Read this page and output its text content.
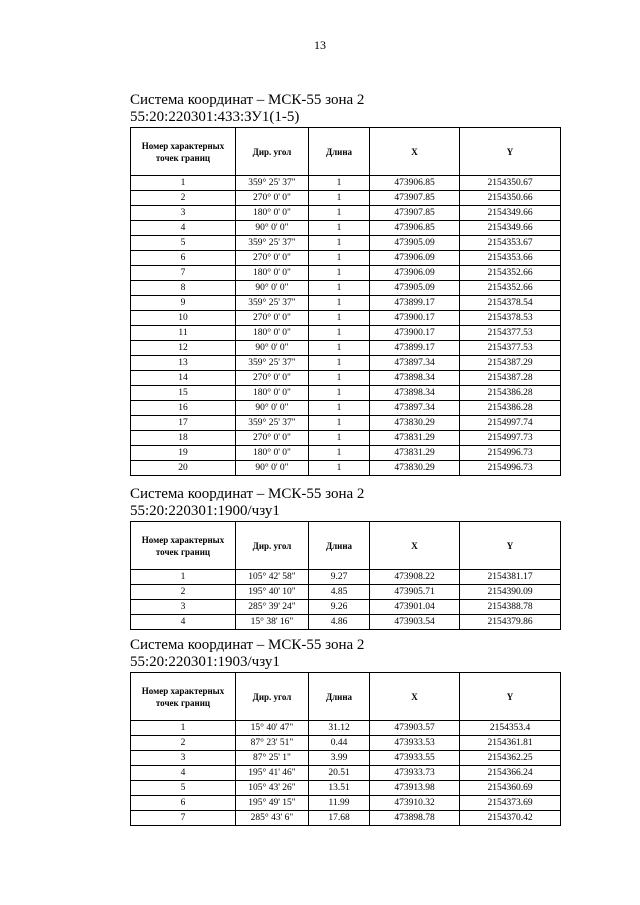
13
Система координат – МСК-55 зона 2
55:20:220301:433:ЗУ1(1-5)
Номер характерных точек границ	Дир. угол	Длина	X	Y
1	359° 25' 37"	1	473906.85	2154350.67
2	270° 0' 0"	1	473907.85	2154350.66
3	180° 0' 0"	1	473907.85	2154349.66
4	90° 0' 0"	1	473906.85	2154349.66
5	359° 25' 37"	1	473905.09	2154353.67
6	270° 0' 0"	1	473906.09	2154353.66
7	180° 0' 0"	1	473906.09	2154352.66
8	90° 0' 0"	1	473905.09	2154352.66
9	359° 25' 37"	1	473899.17	2154378.54
10	270° 0' 0"	1	473900.17	2154378.53
11	180° 0' 0"	1	473900.17	2154377.53
12	90° 0' 0"	1	473899.17	2154377.53
13	359° 25' 37"	1	473897.34	2154387.29
14	270° 0' 0"	1	473898.34	2154387.28
15	180° 0' 0"	1	473898.34	2154386.28
16	90° 0' 0"	1	473897.34	2154386.28
17	359° 25' 37"	1	473830.29	2154997.74
18	270° 0' 0"	1	473831.29	2154997.73
19	180° 0' 0"	1	473831.29	2154996.73
20	90° 0' 0"	1	473830.29	2154996.73
Система координат – МСК-55 зона 2
55:20:220301:1900/чзу1
Номер характерных точек границ	Дир. угол	Длина	X	Y
1	105° 42' 58"	9.27	473908.22	2154381.17
2	195° 40' 10"	4.85	473905.71	2154390.09
3	285° 39' 24"	9.26	473901.04	2154388.78
4	15° 38' 16"	4.86	473903.54	2154379.86
Система координат – МСК-55 зона 2
55:20:220301:1903/чзу1
Номер характерных точек границ	Дир. угол	Длина	X	Y
1	15° 40' 47"	31.12	473903.57	2154353.4
2	87° 23' 51"	0.44	473933.53	2154361.81
3	87° 25' 1"	3.99	473933.55	2154362.25
4	195° 41' 46"	20.51	473933.73	2154366.24
5	105° 43' 26"	13.51	473913.98	2154360.69
6	195° 49' 15"	11.99	473910.32	2154373.69
7	285° 43' 6"	17.68	473898.78	2154370.42
